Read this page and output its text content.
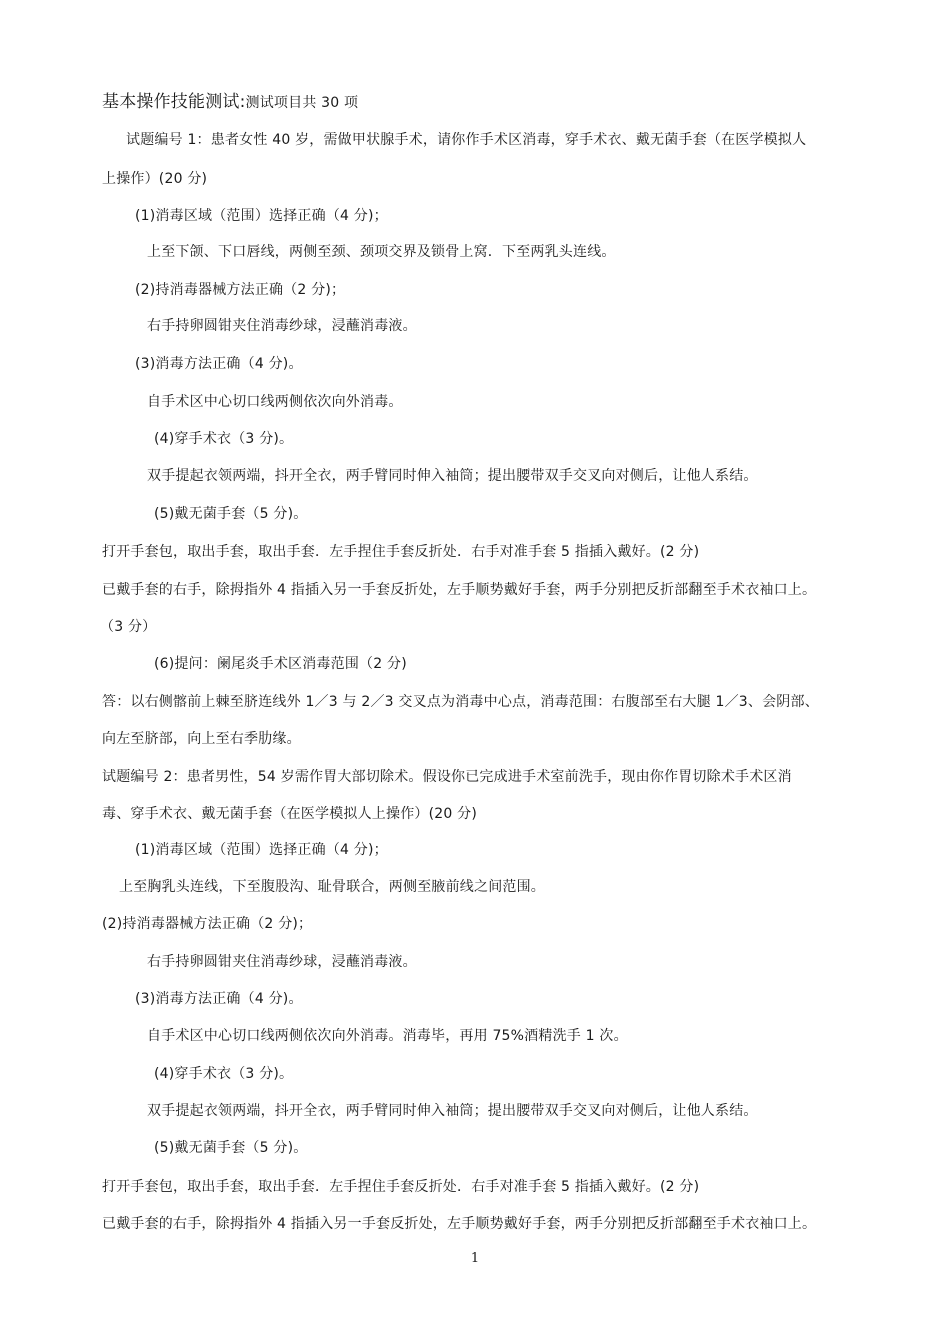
基本操作技能测试:测试项目共 30 项
试题编号 1：患者女性 40 岁，需做甲状腺手术，请你作手术区消毒，穿手术衣、戴无菌手套（在医学模拟人
上操作）(20 分)
(1)消毒区域（范围）选择正确（4 分)；
上至下颌、下口唇线，两侧至颈、颈项交界及锁骨上窝．下至两乳头连线。
(2)持消毒器械方法正确（2 分)；
右手持卵圆钳夹住消毒纱球，浸蘸消毒液。
(3)消毒方法正确（4 分)。
自手术区中心切口线两侧依次向外消毒。
(4)穿手术衣（3 分)。
双手提起衣领两端，抖开全衣，两手臂同时伸入袖筒；提出腰带双手交叉向对侧后，让他人系结。
(5)戴无菌手套（5 分)。
打开手套包，取出手套，取出手套．左手捏住手套反折处．右手对准手套 5 指插入戴好。(2 分)
已戴手套的右手，除拇指外 4 指插入另一手套反折处，左手顺势戴好手套，两手分别把反折部翻至手术衣袖口上。
（3 分）
(6)提问：阑尾炎手术区消毒范围（2 分)
答：以右侧髂前上棘至脐连线外 1／3 与 2／3 交叉点为消毒中心点，消毒范围：右腹部至右大腿 1／3、会阴部、
向左至脐部，向上至右季肋缘。
试题编号 2：患者男性，54 岁需作胃大部切除术。假设你已完成进手术室前洗手，现由你作胃切除术手术区消
毒、穿手术衣、戴无菌手套（在医学模拟人上操作）(20 分)
(1)消毒区域（范围）选择正确（4 分)；
上至胸乳头连线，下至腹股沟、耻骨联合，两侧至腋前线之间范围。
(2)持消毒器械方法正确（2 分)；
右手持卵圆钳夹住消毒纱球，浸蘸消毒液。
(3)消毒方法正确（4 分)。
自手术区中心切口线两侧依次向外消毒。消毒毕，再用 75%酒精洗手 1 次。
(4)穿手术衣（3 分)。
双手提起衣领两端，抖开全衣，两手臂同时伸入袖筒；提出腰带双手交叉向对侧后，让他人系结。
(5)戴无菌手套（5 分)。
打开手套包，取出手套，取出手套．左手捏住手套反折处．右手对准手套 5 指插入戴好。(2 分)
已戴手套的右手，除拇指外 4 指插入另一手套反折处，左手顺势戴好手套，两手分别把反折部翻至手术衣袖口上。
1
